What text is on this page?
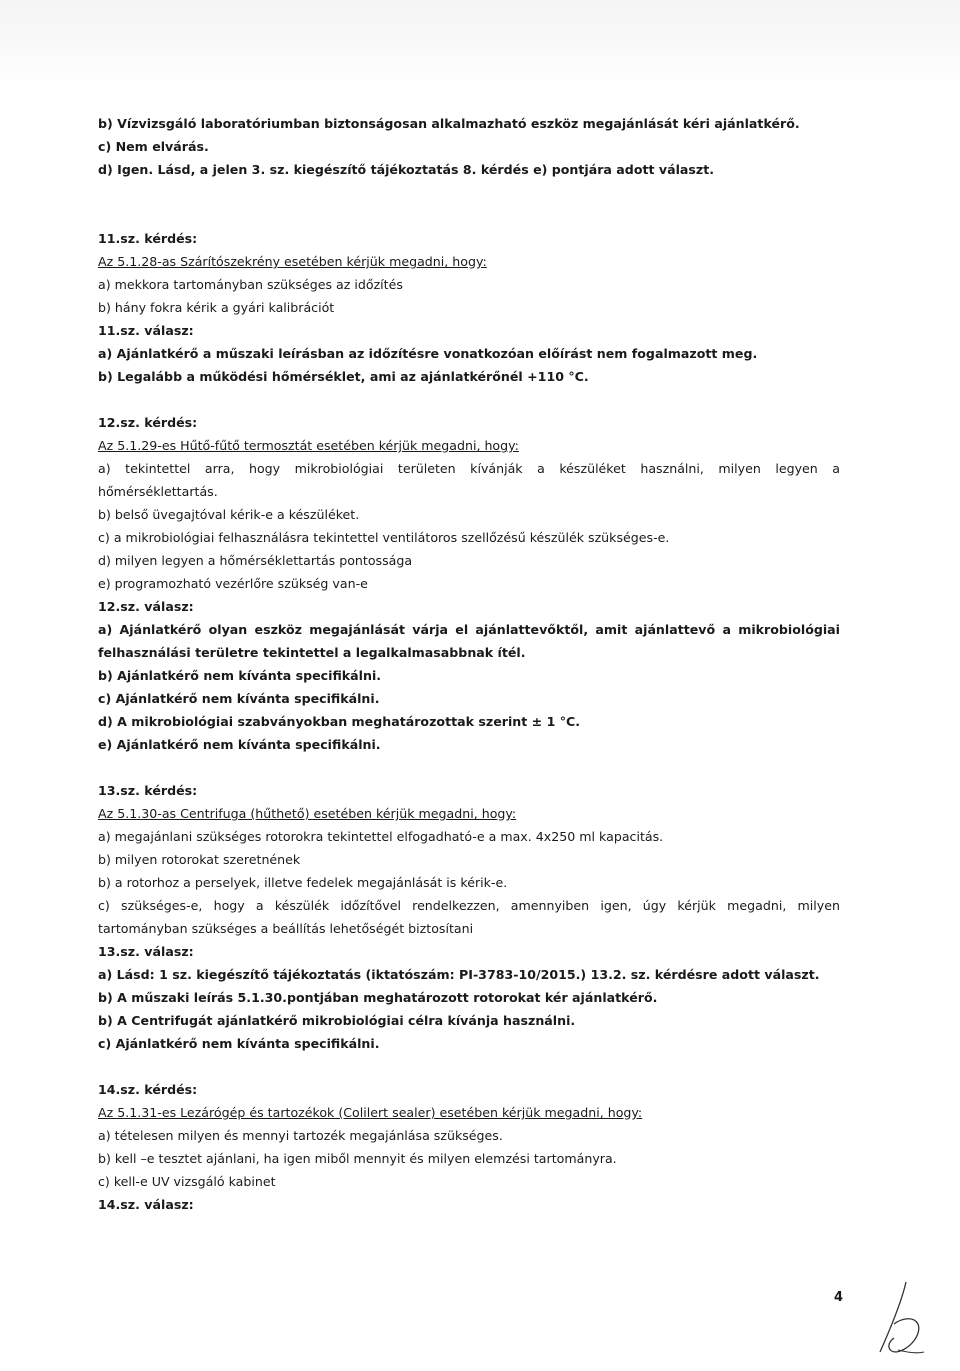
b) Vízvizsgáló laboratóriumban biztonságosan alkalmazható eszköz megajánlását kéri ajánlatkérő.
c) Nem elvárás.
d) Igen. Lásd, a jelen 3. sz. kiegészítő tájékoztatás 8. kérdés e) pontjára adott választ.
11.sz. kérdés:
Az 5.1.28-as Szárítószekrény esetében kérjük megadni, hogy:
a) mekkora tartományban szükséges az időzítés
b) hány fokra kérik a gyári kalibrációt
11.sz. válasz:
a) Ajánlatkérő a műszaki leírásban az időzítésre vonatkozóan előírást nem fogalmazott meg.
b) Legalább a működési hőmérséklet, ami az ajánlatkérőnél +110 °C.
12.sz. kérdés:
Az 5.1.29-es Hűtő-fűtő termosztát esetében kérjük megadni, hogy:
a) tekintettel arra, hogy mikrobiológiai területen kívánják a készüléket használni, milyen legyen a
hőmérséklettartás.
b) belső üvegajtóval kérik-e a készüléket.
c) a mikrobiológiai felhasználásra tekintettel ventilátoros szellőzésű készülék szükséges-e.
d) milyen legyen a hőmérséklettartás pontossága
e) programozható vezérlőre szükség van-e
12.sz. válasz:
a) Ajánlatkérő olyan eszköz megajánlását várja el ajánlattevőktől, amit ajánlattevő a mikrobiológiai
felhasználási területre tekintettel a legalkalmasabbnak ítél.
b) Ajánlatkérő nem kívánta specifikálni.
c) Ajánlatkérő nem kívánta specifikálni.
d) A mikrobiológiai szabványokban meghatározottak szerint ± 1 °C.
e) Ajánlatkérő nem kívánta specifikálni.
13.sz. kérdés:
Az 5.1.30-as Centrifuga (hűthető) esetében kérjük megadni, hogy:
a) megajánlani szükséges rotorokra tekintettel elfogadható-e a max. 4x250 ml kapacitás.
b) milyen rotorokat szeretnének
b) a rotorhoz a perselyek, illetve fedelek megajánlását is kérik-e.
c) szükséges-e, hogy a készülék időzítővel rendelkezzen, amennyiben igen, úgy kérjük megadni, milyen
tartományban szükséges a beállítás lehetőségét biztosítani
13.sz. válasz:
a) Lásd: 1 sz. kiegészítő tájékoztatás (iktatószám: PI-3783-10/2015.) 13.2. sz. kérdésre adott választ.
b) A műszaki leírás 5.1.30.pontjában meghatározott rotorokat kér ajánlatkérő.
b) A Centrifugát ajánlatkérő mikrobiológiai célra kívánja használni.
c) Ajánlatkérő nem kívánta specifikálni.
14.sz. kérdés:
Az 5.1.31-es Lezárógép és tartozékok (Colilert sealer) esetében kérjük megadni, hogy:
a) tételesen milyen és mennyi tartozék megajánlása szükséges.
b) kell –e tesztet ajánlani, ha igen miből mennyit és milyen elemzési tartományra.
c) kell-e UV vizsgáló kabinet
14.sz. válasz:
4
